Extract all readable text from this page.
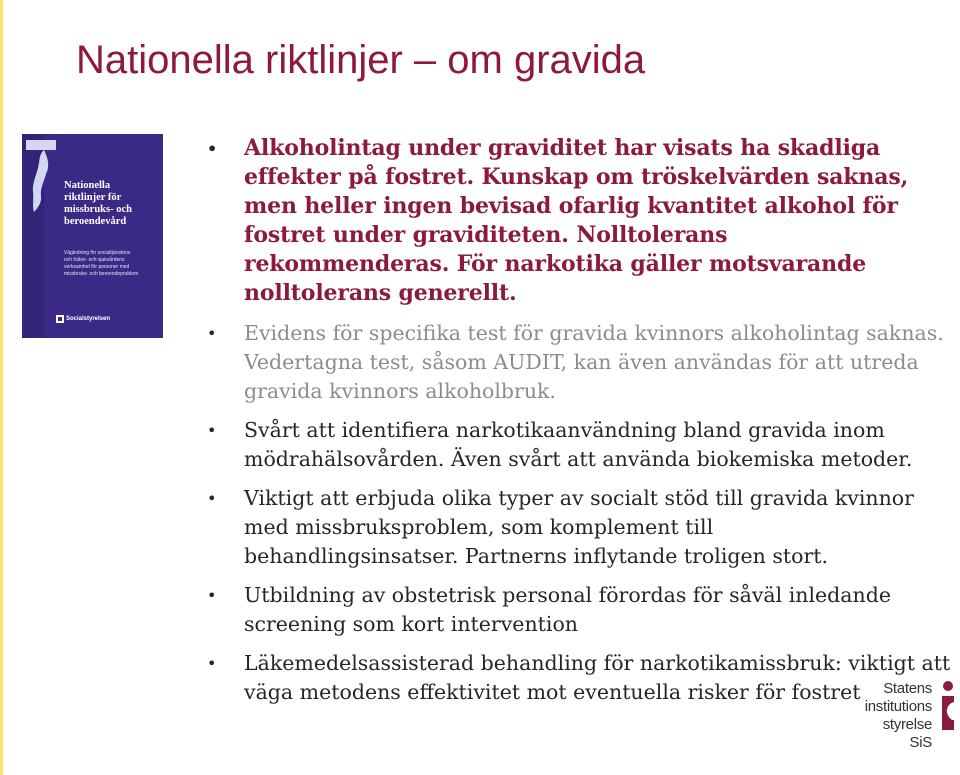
Nationella riktlinjer – om gravida
Nationella
riktlinjer för
missbruks- och
beroendevård
Vägledning för socialtjänstens
och hälso- och sjukvårdens
verksamhet för personer med
missbruks- och beroendeproblem
Socialstyrelsen
• Alkoholintag under graviditet har visats ha skadliga
effekter på fostret. Kunskap om tröskelvärden saknas,
men heller ingen bevisad ofarlig kvantitet alkohol för
fostret under graviditeten. Nolltolerans
rekommenderas. För narkotika gäller motsvarande
nolltolerans generellt.
• Evidens för specifika test för gravida kvinnors alkoholintag saknas.
Vedertagna test, såsom AUDIT, kan även användas för att utreda
gravida kvinnors alkoholbruk.
• Svårt att identifiera narkotikaanvändning bland gravida inom
mödrahälsovården. Även svårt att använda biokemiska metoder.
• Viktigt att erbjuda olika typer av socialt stöd till gravida kvinnor
med missbruksproblem, som komplement till
behandlingsinsatser. Partnerns inflytande troligen stort.
• Utbildning av obstetrisk personal förordas för såväl inledande
screening som kort intervention
• Läkemedelsassisterad behandling för narkotikamissbruk: viktigt att
väga metodens effektivitet mot eventuella risker för fostret	Statens
institutions
styrelse SiS
